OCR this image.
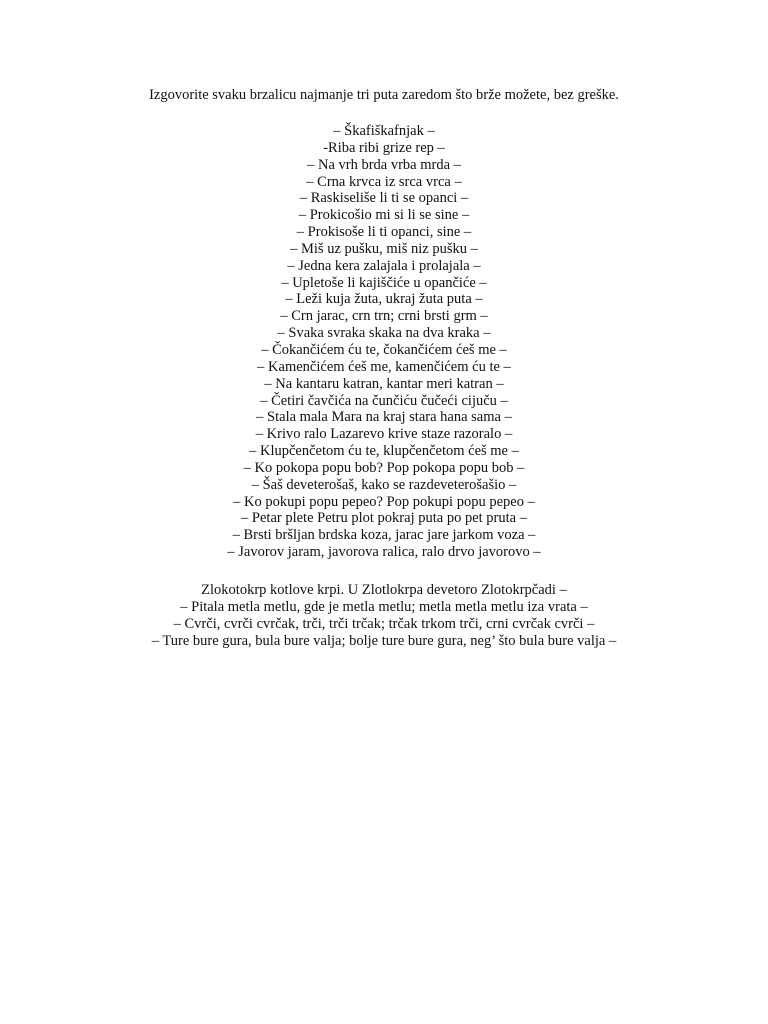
Izgovorite svaku brzalicu najmanje tri puta zaredom što brže možete, bez greške.
– Škafiškafnjak –
-Riba ribi grize rep –
– Na vrh brda vrba mrda –
– Crna krvca iz srca vrca –
– Raskiseliše li ti se opanci –
– Prokicošio mi si li se sine –
– Prokisoše li ti opanci, sine –
– Miš uz pušku, miš niz pušku –
– Jedna kera zalajala i prolajala –
– Upletoše li kajiščiće u opančiće –
– Leži kuja žuta, ukraj žuta puta –
– Crn jarac, crn trn; crni brsti grm –
– Svaka svraka skaka na dva kraka –
– Čokančićem ću te, čokančićem ćeš me –
– Kamenčićem ćeš me, kamenčićem ću te –
– Na kantaru katran, kantar meri katran –
– Četiri čavčića na čunčiću čučeći cijuču –
– Stala mala Mara na kraj stara hana sama –
– Krivo ralo Lazarevo krive staze razoralo –
– Klupčenčetom ću te, klupčenčetom ćeš me –
– Ko pokopa popu bob? Pop pokopa popu bob –
– Šaš deveterošaš, kako se razdeveterošašio –
– Ko pokupi popu pepeo? Pop pokupi popu pepeo –
– Petar plete Petru plot pokraj puta po pet pruta –
– Brsti bršljan brdska koza, jarac jare jarkom voza –
– Javorov jaram, javorova ralica, ralo drvo javorovo –
Zlokotokrp kotlove krpi. U Zlotlokrpa devetoro Zlotokrpčadi –
– Pitala metla metlu, gde je metla metlu; metla metla metlu iza vrata –
– Cvrči, cvrči cvrčak, trči, trči trčak; trčak trkom trči, crni cvrčak cvrči –
– Ture bure gura, bula bure valja; bolje ture bure gura, neg’ što bula bure valja –
